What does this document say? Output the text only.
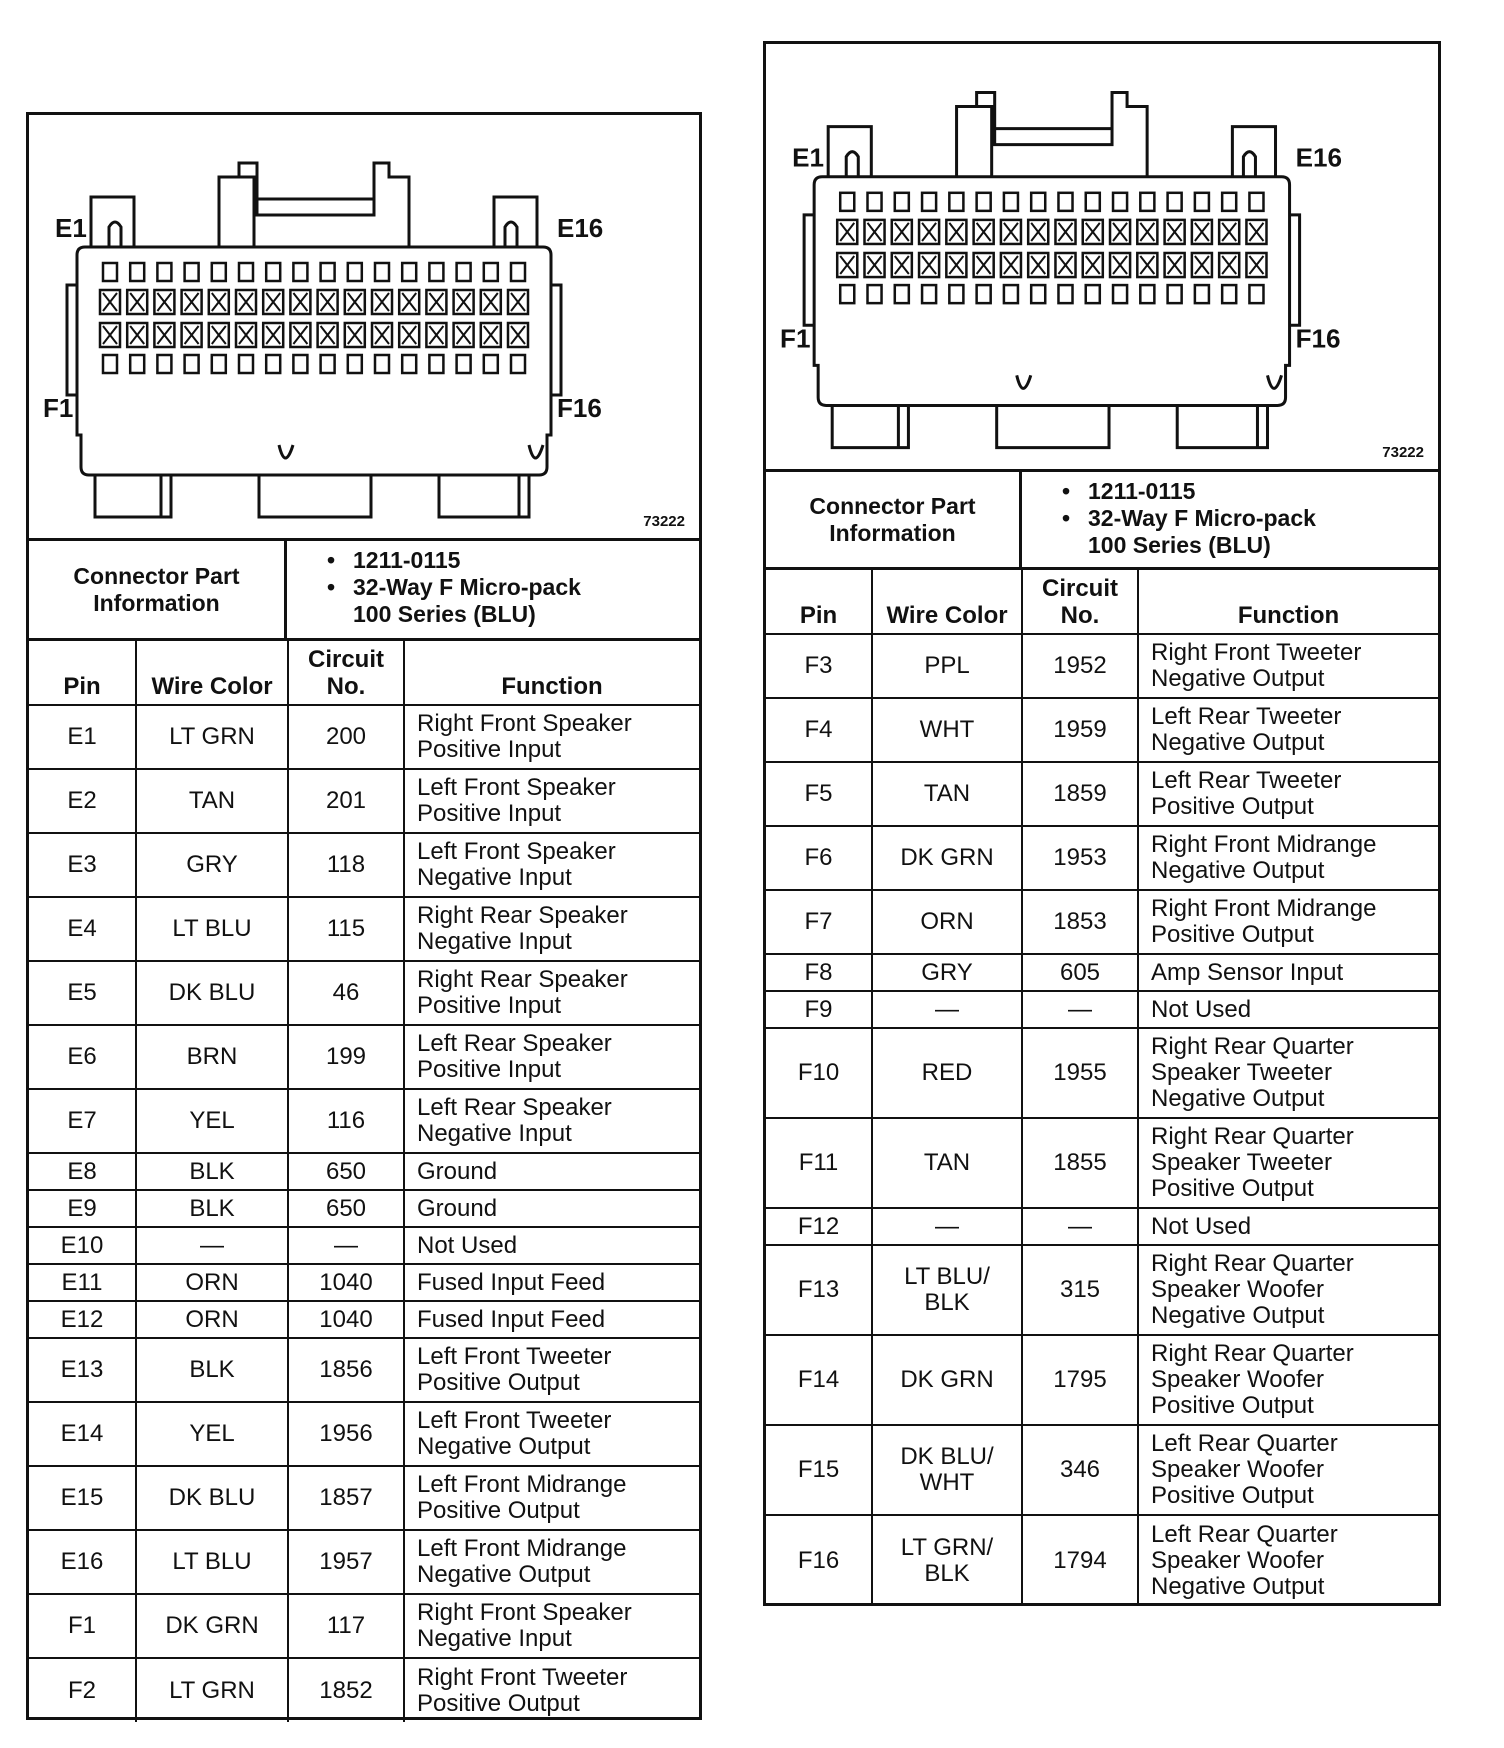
E1	E16
F1	F16
73222
Connector Part
Information
• 1211-0115
• 32-Way F Micro-pack
100 Series (BLU)
Pin	Wire Color	Circuit
No.	Function
E1	LT GRN	200	Right Front Speaker
Positive Input
E2	TAN	201	Left Front Speaker
Positive Input
E3	GRY	118	Left Front Speaker
Negative Input
E4	LT BLU	115	Right Rear Speaker
Negative Input
E5	DK BLU	46	Right Rear Speaker
Positive Input
E6	BRN	199	Left Rear Speaker
Positive Input
E7	YEL	116	Left Rear Speaker
Negative Input
E8	BLK	650	Ground
E9	BLK	650	Ground
E10	—	—	Not Used
E11	ORN	1040	Fused Input Feed
E12	ORN	1040	Fused Input Feed
E13	BLK	1856	Left Front Tweeter
Positive Output
E14	YEL	1956	Left Front Tweeter
Negative Output
E15	DK BLU	1857	Left Front Midrange
Positive Output
E16	LT BLU	1957	Left Front Midrange
Negative Output
F1	DK GRN	117	Right Front Speaker
Negative Input
F2	LT GRN	1852	Right Front Tweeter
Positive Output
E1	E16
F1	F16
73222
Connector Part
Information
• 1211-0115
• 32-Way F Micro-pack
100 Series (BLU)
Pin	Wire Color	Circuit
No.	Function
F3	PPL	1952	Right Front Tweeter
Negative Output
F4	WHT	1959	Left Rear Tweeter
Negative Output
F5	TAN	1859	Left Rear Tweeter
Positive Output
F6	DK GRN	1953	Right Front Midrange
Negative Output
F7	ORN	1853	Right Front Midrange
Positive Output
F8	GRY	605	Amp Sensor Input
F9	—	—	Not Used
F10	RED	1955	Right Rear Quarter
Speaker Tweeter
Negative Output
F11	TAN	1855	Right Rear Quarter
Speaker Tweeter
Positive Output
F12	—	—	Not Used
F13	LT BLU/
BLK	315	Right Rear Quarter
Speaker Woofer
Negative Output
F14	DK GRN	1795	Right Rear Quarter
Speaker Woofer
Positive Output
F15	DK BLU/
WHT	346	Left Rear Quarter
Speaker Woofer
Positive Output
F16	LT GRN/
BLK	1794	Left Rear Quarter
Speaker Woofer
Negative Output
